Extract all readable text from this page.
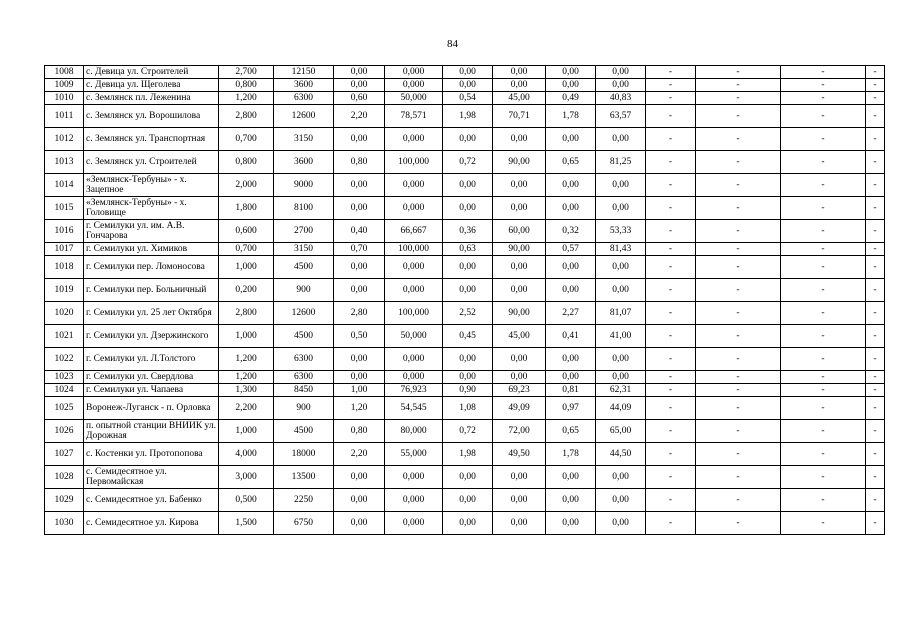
84
1008	с. Девица ул. Строителей	2,700	12150	0,00	0,000	0,00	0,00	0,00	0,00	-	-	-	-
1009	с. Девица ул. Щеголева	0,800	3600	0,00	0,000	0,00	0,00	0,00	0,00	-	-	-	-
1010	с. Землянск пл. Леженина	1,200	6300	0,60	50,000	0,54	45,00	0,49	40,83	-	-	-	-
1011	с. Землянск ул. Ворошилова	2,800	12600	2,20	78,571	1,98	70,71	1,78	63,57	-	-	-	-
1012	с. Землянск ул. Транспортная	0,700	3150	0,00	0,000	0,00	0,00	0,00	0,00	-	-	-	-
1013	с. Землянск ул. Строителей	0,800	3600	0,80	100,000	0,72	90,00	0,65	81,25	-	-	-	-
1014	«Землянск-Тербуны» - х. Зацепное	2,000	9000	0,00	0,000	0,00	0,00	0,00	0,00	-	-	-	-
1015	«Землянск-Тербуны» - х. Головище	1,800	8100	0,00	0,000	0,00	0,00	0,00	0,00	-	-	-	-
1016	г. Семилуки ул. им. А.В. Гончарова	0,600	2700	0,40	66,667	0,36	60,00	0,32	53,33	-	-	-	-
1017	г. Семилуки ул. Химиков	0,700	3150	0,70	100,000	0,63	90,00	0,57	81,43	-	-	-	-
1018	г. Семилуки пер. Ломоносова	1,000	4500	0,00	0,000	0,00	0,00	0,00	0,00	-	-	-	-
1019	г. Семилуки пер. Больничный	0,200	900	0,00	0,000	0,00	0,00	0,00	0,00	-	-	-	-
1020	г. Семилуки ул. 25 лет Октября	2,800	12600	2,80	100,000	2,52	90,00	2,27	81,07	-	-	-	-
1021	г. Семилуки ул. Дзержинского	1,000	4500	0,50	50,000	0,45	45,00	0,41	41,00	-	-	-	-
1022	г. Семилуки ул. Л.Толстого	1,200	6300	0,00	0,000	0,00	0,00	0,00	0,00	-	-	-	-
1023	г. Семилуки ул. Свердлова	1,200	6300	0,00	0,000	0,00	0,00	0,00	0,00	-	-	-	-
1024	г. Семилуки ул. Чапаева	1,300	8450	1,00	76,923	0,90	69,23	0,81	62,31	-	-	-	-
1025	Воронеж-Луганск - п. Орловка	2,200	900	1,20	54,545	1,08	49,09	0,97	44,09	-	-	-	-
1026	п. опытной станции ВНИИК ул. Дорожная	1,000	4500	0,80	80,000	0,72	72,00	0,65	65,00	-	-	-	-
1027	с. Костенки ул. Протопопова	4,000	18000	2,20	55,000	1,98	49,50	1,78	44,50	-	-	-	-
1028	с. Семидесятное ул. Первомайская	3,000	13500	0,00	0,000	0,00	0,00	0,00	0,00	-	-	-	-
1029	с. Семидесятное ул. Бабенко	0,500	2250	0,00	0,000	0,00	0,00	0,00	0,00	-	-	-	-
1030	с. Семидесятное ул. Кирова	1,500	6750	0,00	0,000	0,00	0,00	0,00	0,00	-	-	-	-
